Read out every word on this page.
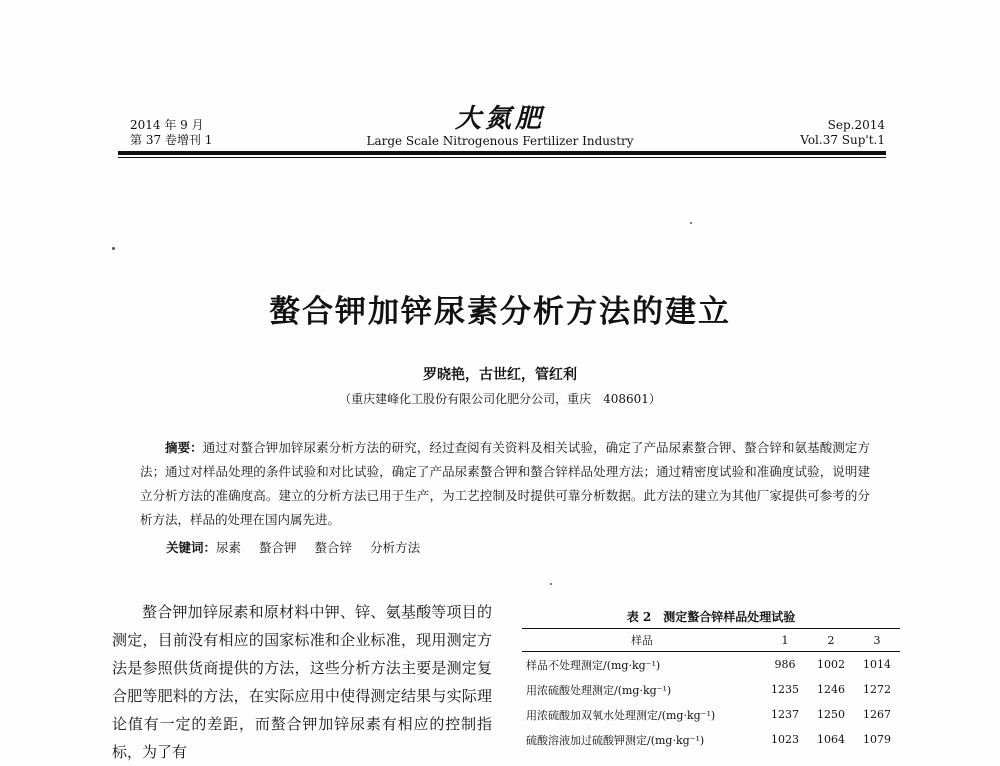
2014 年 9 月
第 37 卷增刊 1
大氮肥
Large Scale Nitrogenous Fertilizer Industry
Sep.2014
Vol.37 Sup't.1
螯合钾加锌尿素分析方法的建立
罗晓艳，古世红，管红利
（重庆建峰化工股份有限公司化肥分公司，重庆　408601）

摘要：通过对螯合钾加锌尿素分析方法的研究，经过查阅有关资料及相关试验，确定了产品尿素螯合钾、螯合锌和氨基酸测定方法；通过对样品处理的条件试验和对比试验，确定了产品尿素螯合钾和螯合锌样品处理方法；通过精密度试验和准确度试验，说明建立分析方法的准确度高。建立的分析方法已用于生产，为工艺控制及时提供可靠分析数据。此方法的建立为其他厂家提供可参考的分析方法，样品的处理在国内属先进。

关键词：尿素 螯合钾 螯合锌 分析方法

螯合钾加锌尿素和原材料中钾、锌、氨基酸等项目的测定，目前没有相应的国家标准和企业标准，现用测定方法是参照供货商提供的方法，这些分析方法主要是测定复合肥等肥料的方法，在实际应用中使得测定结果与实际理论值有一定的差距，而螯合钾加锌尿素有相应的控制指标，为了有

表 2　测定螯合锌样品处理试验
样品	1	2	3
样品不处理测定/(mg·kg⁻¹)	986	1002	1014
用浓硫酸处理测定/(mg·kg⁻¹)	1235	1246	1272
用浓硫酸加双氧水处理测定/(mg·kg⁻¹)	1237	1250	1267
硫酸溶液加过硫酸钾测定/(mg·kg⁻¹)	1023	1064	1079
